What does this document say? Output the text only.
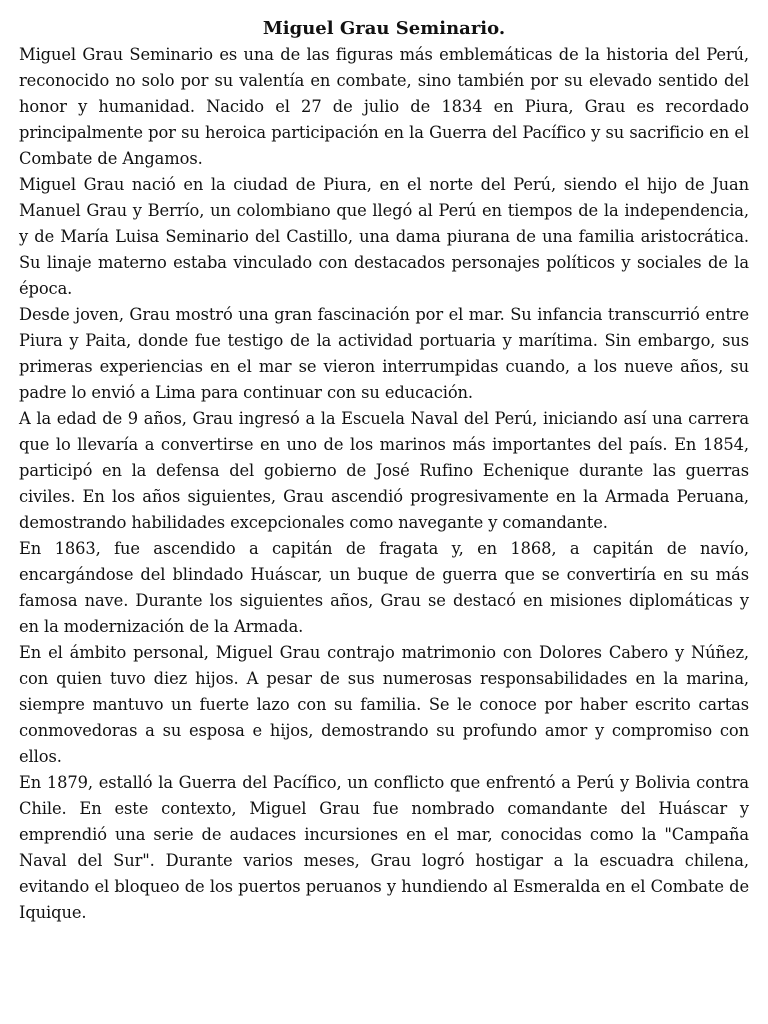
Miguel Grau Seminario.

Miguel Grau Seminario es una de las figuras más emblemáticas de la historia del Perú, reconocido no solo por su valentía en combate, sino también por su elevado sentido del honor y humanidad. Nacido el 27 de julio de 1834 en Piura, Grau es recordado principalmente por su heroica participación en la Guerra del Pacífico y su sacrificio en el Combate de Angamos.

Miguel Grau nació en la ciudad de Piura, en el norte del Perú, siendo el hijo de Juan Manuel Grau y Berrío, un colombiano que llegó al Perú en tiempos de la independencia, y de María Luisa Seminario del Castillo, una dama piurana de una familia aristocrática. Su linaje materno estaba vinculado con destacados personajes políticos y sociales de la época.

Desde joven, Grau mostró una gran fascinación por el mar. Su infancia transcurrió entre Piura y Paita, donde fue testigo de la actividad portuaria y marítima. Sin embargo, sus primeras experiencias en el mar se vieron interrumpidas cuando, a los nueve años, su padre lo envió a Lima para continuar con su educación.

A la edad de 9 años, Grau ingresó a la Escuela Naval del Perú, iniciando así una carrera que lo llevaría a convertirse en uno de los marinos más importantes del país. En 1854, participó en la defensa del gobierno de José Rufino Echenique durante las guerras civiles. En los años siguientes, Grau ascendió progresivamente en la Armada Peruana, demostrando habilidades excepcionales como navegante y comandante.

En 1863, fue ascendido a capitán de fragata y, en 1868, a capitán de navío, encargándose del blindado Huáscar, un buque de guerra que se convertiría en su más famosa nave. Durante los siguientes años, Grau se destacó en misiones diplomáticas y en la modernización de la Armada.

En el ámbito personal, Miguel Grau contrajo matrimonio con Dolores Cabero y Núñez, con quien tuvo diez hijos. A pesar de sus numerosas responsabilidades en la marina, siempre mantuvo un fuerte lazo con su familia. Se le conoce por haber escrito cartas conmovedoras a su esposa e hijos, demostrando su profundo amor y compromiso con ellos.

En 1879, estalló la Guerra del Pacífico, un conflicto que enfrentó a Perú y Bolivia contra Chile. En este contexto, Miguel Grau fue nombrado comandante del Huáscar y emprendió una serie de audaces incursiones en el mar, conocidas como la "Campaña Naval del Sur". Durante varios meses, Grau logró hostigar a la escuadra chilena, evitando el bloqueo de los puertos peruanos y hundiendo al Esmeralda en el Combate de Iquique.
